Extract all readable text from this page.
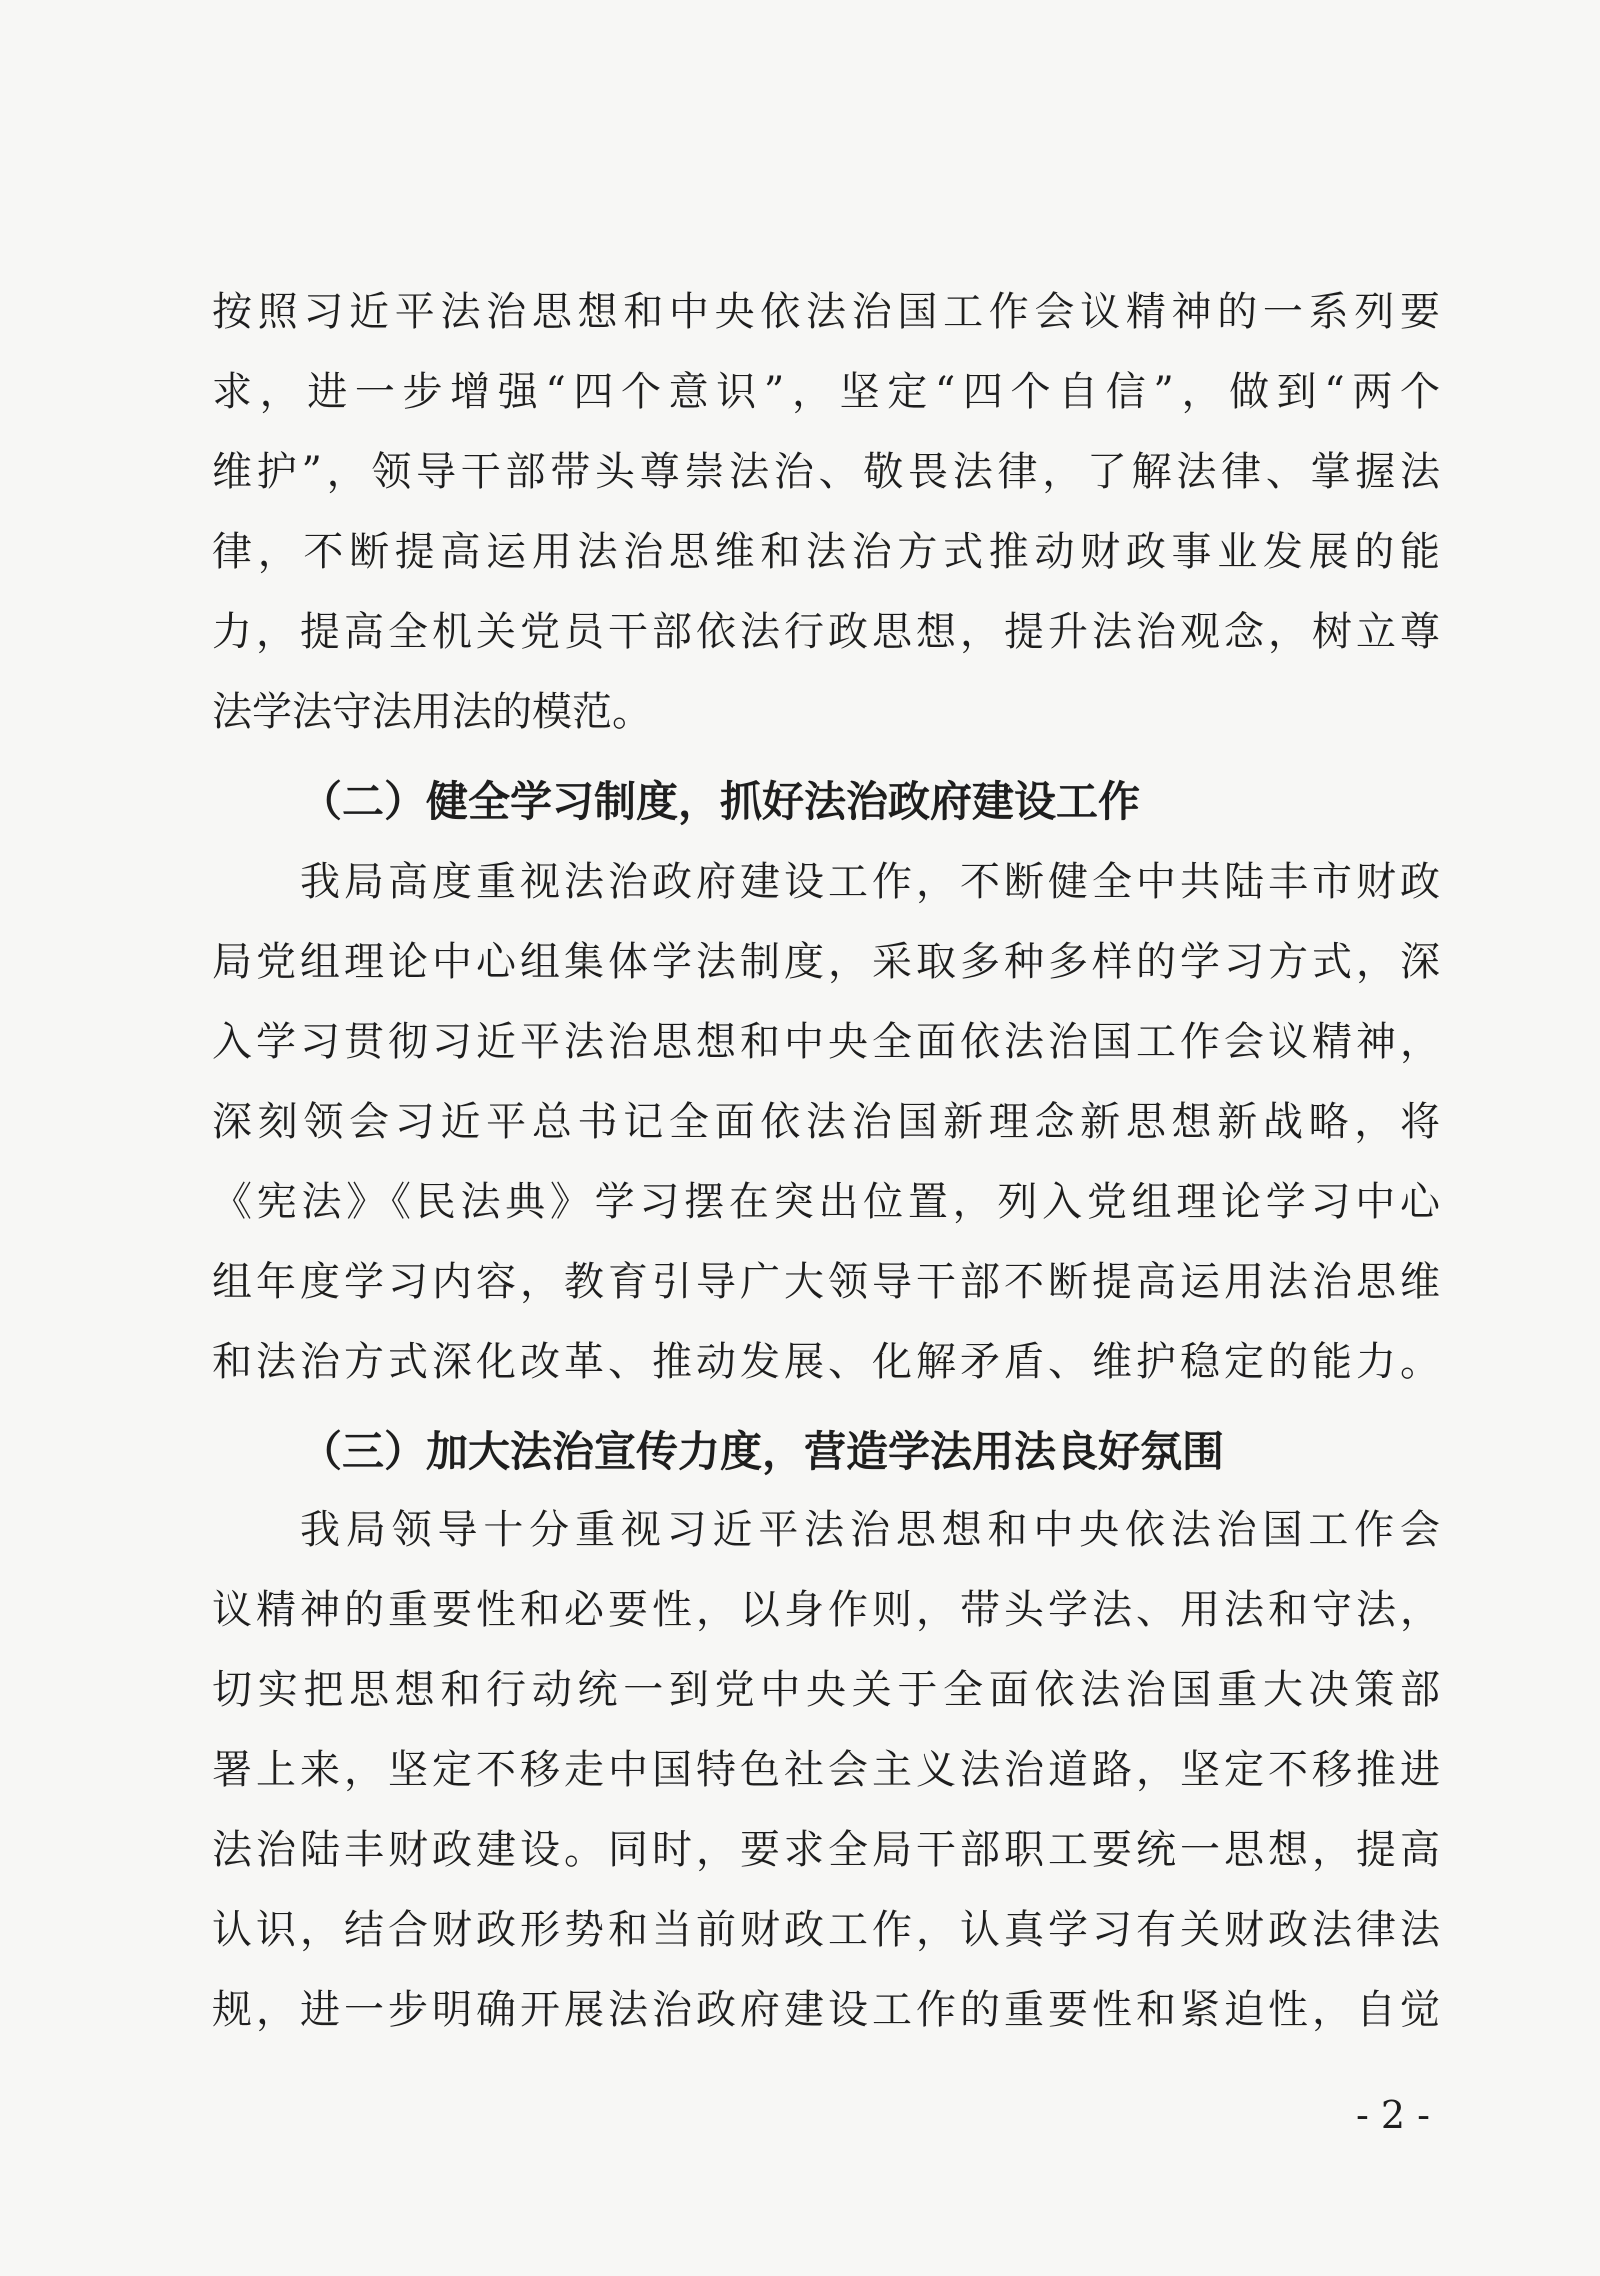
按照习近平法治思想和中央依法治国工作会议精神的一系列要
求，进一步增强“四个意识”，坚定“四个自信”，做到“两个
维护”，领导干部带头尊崇法治、敬畏法律，了解法律、掌握法
律，不断提高运用法治思维和法治方式推动财政事业发展的能
力，提高全机关党员干部依法行政思想，提升法治观念，树立尊
法学法守法用法的模范。
（二）健全学习制度，抓好法治政府建设工作
我局高度重视法治政府建设工作，不断健全中共陆丰市财政
局党组理论中心组集体学法制度，采取多种多样的学习方式，深
入学习贯彻习近平法治思想和中央全面依法治国工作会议精神，
深刻领会习近平总书记全面依法治国新理念新思想新战略，将
《宪法》《民法典》学习摆在突出位置，列入党组理论学习中心
组年度学习内容，教育引导广大领导干部不断提高运用法治思维
和法治方式深化改革、推动发展、化解矛盾、维护稳定的能力。
（三）加大法治宣传力度，营造学法用法良好氛围
我局领导十分重视习近平法治思想和中央依法治国工作会
议精神的重要性和必要性，以身作则，带头学法、用法和守法，
切实把思想和行动统一到党中央关于全面依法治国重大决策部
署上来，坚定不移走中国特色社会主义法治道路，坚定不移推进
法治陆丰财政建设。同时，要求全局干部职工要统一思想，提高
认识，结合财政形势和当前财政工作，认真学习有关财政法律法
规，进一步明确开展法治政府建设工作的重要性和紧迫性，自觉
- 2 -
